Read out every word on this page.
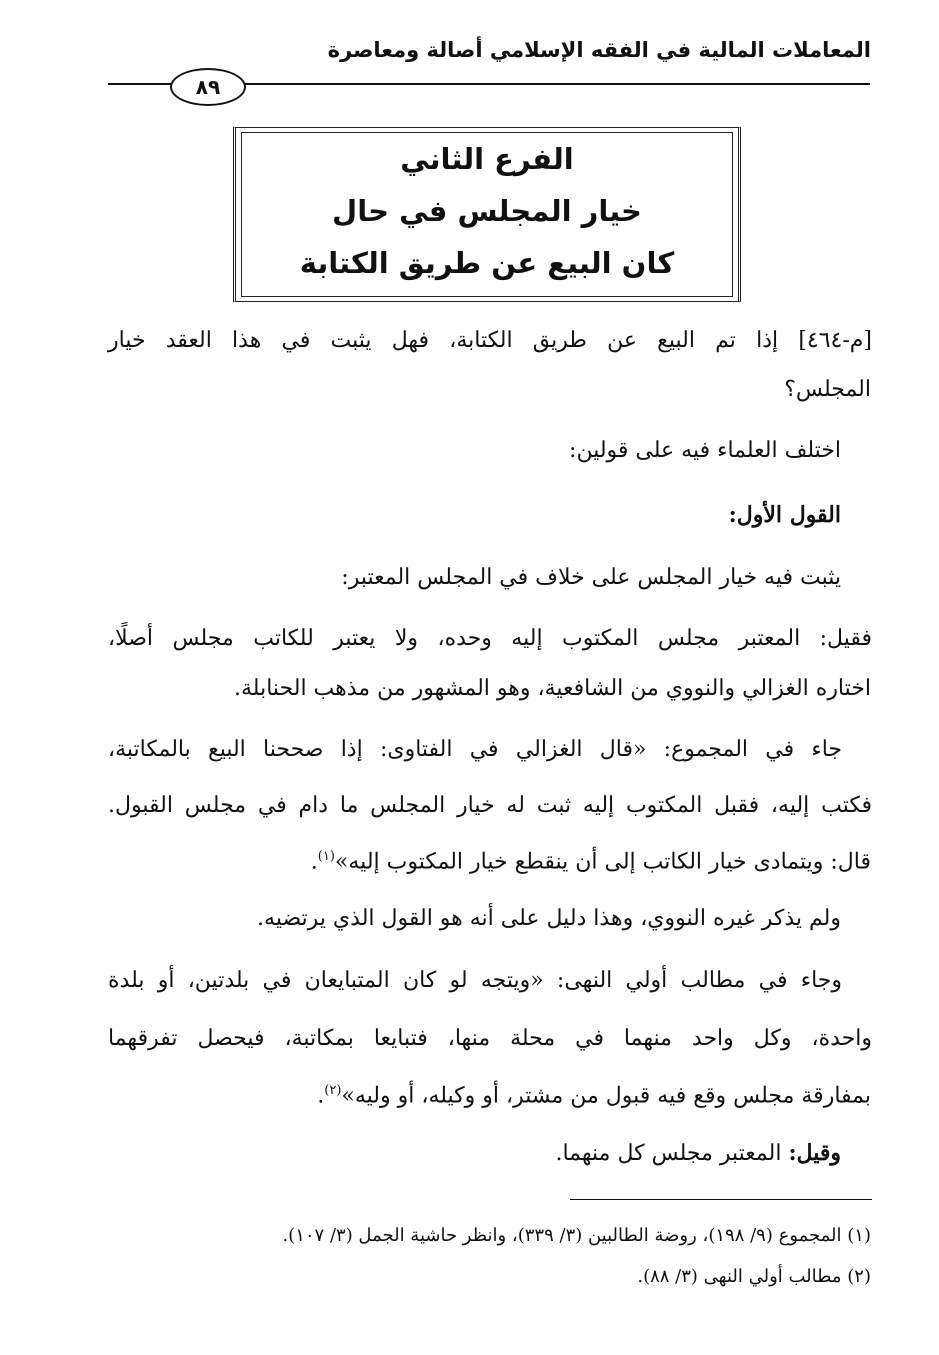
المعاملات المالية في الفقه الإسلامي أصالة ومعاصرة
٨٩
الفرع الثاني
خيار المجلس في حال
كان البيع عن طريق الكتابة
[م-٤٦٤] إذا تم البيع عن طريق الكتابة، فهل يثبت في هذا العقد خيار
المجلس؟
اختلف العلماء فيه على قولين:
القول الأول:
يثبت فيه خيار المجلس على خلاف في المجلس المعتبر:
فقيل: المعتبر مجلس المكتوب إليه وحده، ولا يعتبر للكاتب مجلس أصلًا،
اختاره الغزالي والنووي من الشافعية، وهو المشهور من مذهب الحنابلة.
جاء في المجموع: «قال الغزالي في الفتاوى: إذا صححنا البيع بالمكاتبة،
فكتب إليه، فقبل المكتوب إليه ثبت له خيار المجلس ما دام في مجلس القبول.
قال: ويتمادى خيار الكاتب إلى أن ينقطع خيار المكتوب إليه»$^{(١)}$.
ولم يذكر غيره النووي، وهذا دليل على أنه هو القول الذي يرتضيه.
وجاء في مطالب أولي النهى: «ويتجه لو كان المتبايعان في بلدتين، أو بلدة
واحدة، وكل واحد منهما في محلة منها، فتبايعا بمكاتبة، فيحصل تفرقهما
بمفارقة مجلس وقع فيه قبول من مشتر، أو وكيله، أو وليه»$^{(٢)}$.
وقيل: المعتبر مجلس كل منهما.
(١) المجموع (٩/ ١٩٨)، روضة الطالبين (٣/ ٣٣٩)، وانظر حاشية الجمل (٣/ ١٠٧).
(٢) مطالب أولي النهى (٣/ ٨٨).
